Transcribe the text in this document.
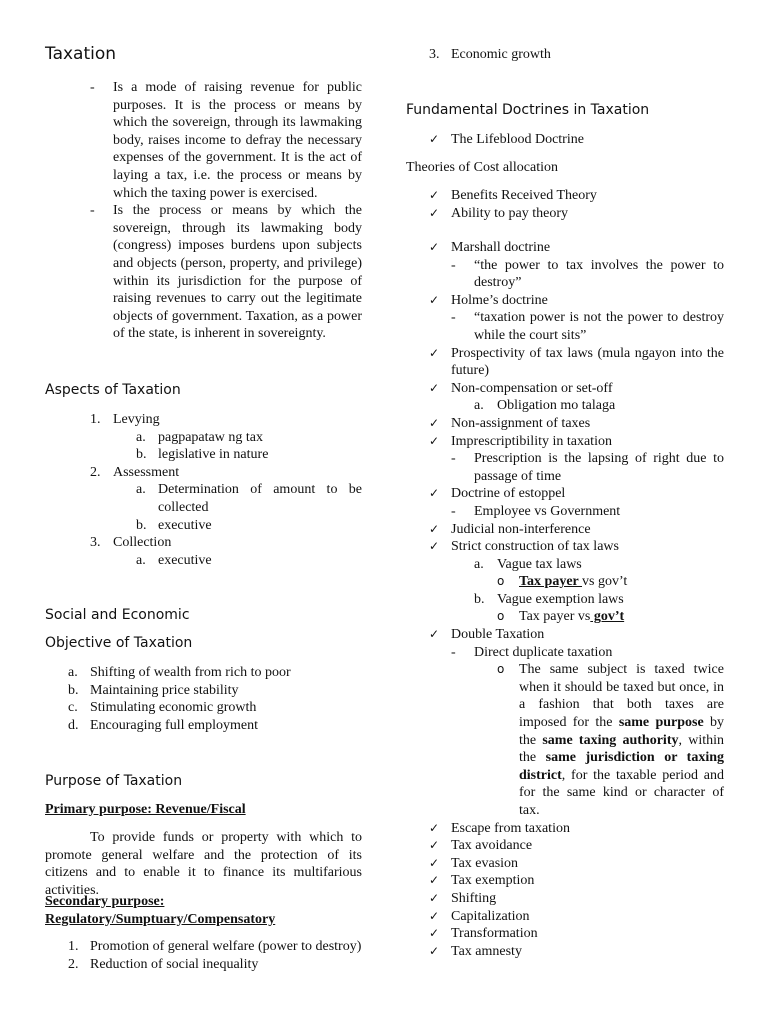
Taxation
- Is a mode of raising revenue for public purposes. It is the process or means by which the sovereign, through its lawmaking body, raises income to defray the necessary expenses of the government. It is the act of laying a tax, i.e. the process or means by which the taxing power is exercised.

- Is the process or means by which the sovereign, through its lawmaking body (congress) imposes burdens upon subjects and objects (person, property, and privilege) within its jurisdiction for the purpose of raising revenues to carry out the legitimate objects of government. Taxation, as a power of the state, is inherent in sovereignty.

Aspects of Taxation
1. Levying
a. pagpapataw ng tax
b. legislative in nature
2. Assessment
a. Determination of amount to be collected

b. executive
3. Collection
a. executive
Social and Economic
Objective of Taxation
a. Shifting of wealth from rich to poor
b. Maintaining price stability
c. Stimulating economic growth
d. Encouraging full employment
Purpose of Taxation
Primary purpose: Revenue/Fiscal

To provide funds or property with which to promote general welfare and the protection of its citizens and to enable it to finance its multifarious activities.

Secondary purpose:
Regulatory/Sumptuary/Compensatory
1. Promotion of general welfare (power to destroy)
2. Reduction of social inequality
3. Economic growth
Fundamental Doctrines in Taxation
✓ The Lifeblood Doctrine
Theories of Cost allocation
✓ Benefits Received Theory
✓ Ability to pay theory
✓ Marshall doctrine
- “the power to tax involves the power to destroy”

✓ Holme’s doctrine
- “taxation power is not the power to destroy while the court sits”

✓ Prospectivity of tax laws (mula ngayon into the future)

✓ Non-compensation or set-off
a. Obligation mo talaga
✓ Non-assignment of taxes
✓ Imprescriptibility in taxation
- Prescription is the lapsing of right due to passage of time

✓ Doctrine of estoppel
- Employee vs Government
✓ Judicial non-interference
✓ Strict construction of tax laws
a. Vague tax laws
o Tax payer vs gov’t
b. Vague exemption laws
o Tax payer vs gov’t
✓ Double Taxation
- Direct duplicate taxation
o The same subject is taxed twice when it should be taxed but once, in a fashion that both taxes are imposed for the same purpose by the same taxing authority, within the same jurisdiction or taxing district, for the taxable period and for the same kind or character of tax.

✓ Escape from taxation
✓ Tax avoidance
✓ Tax evasion
✓ Tax exemption
✓ Shifting
✓ Capitalization
✓ Transformation
✓ Tax amnesty
